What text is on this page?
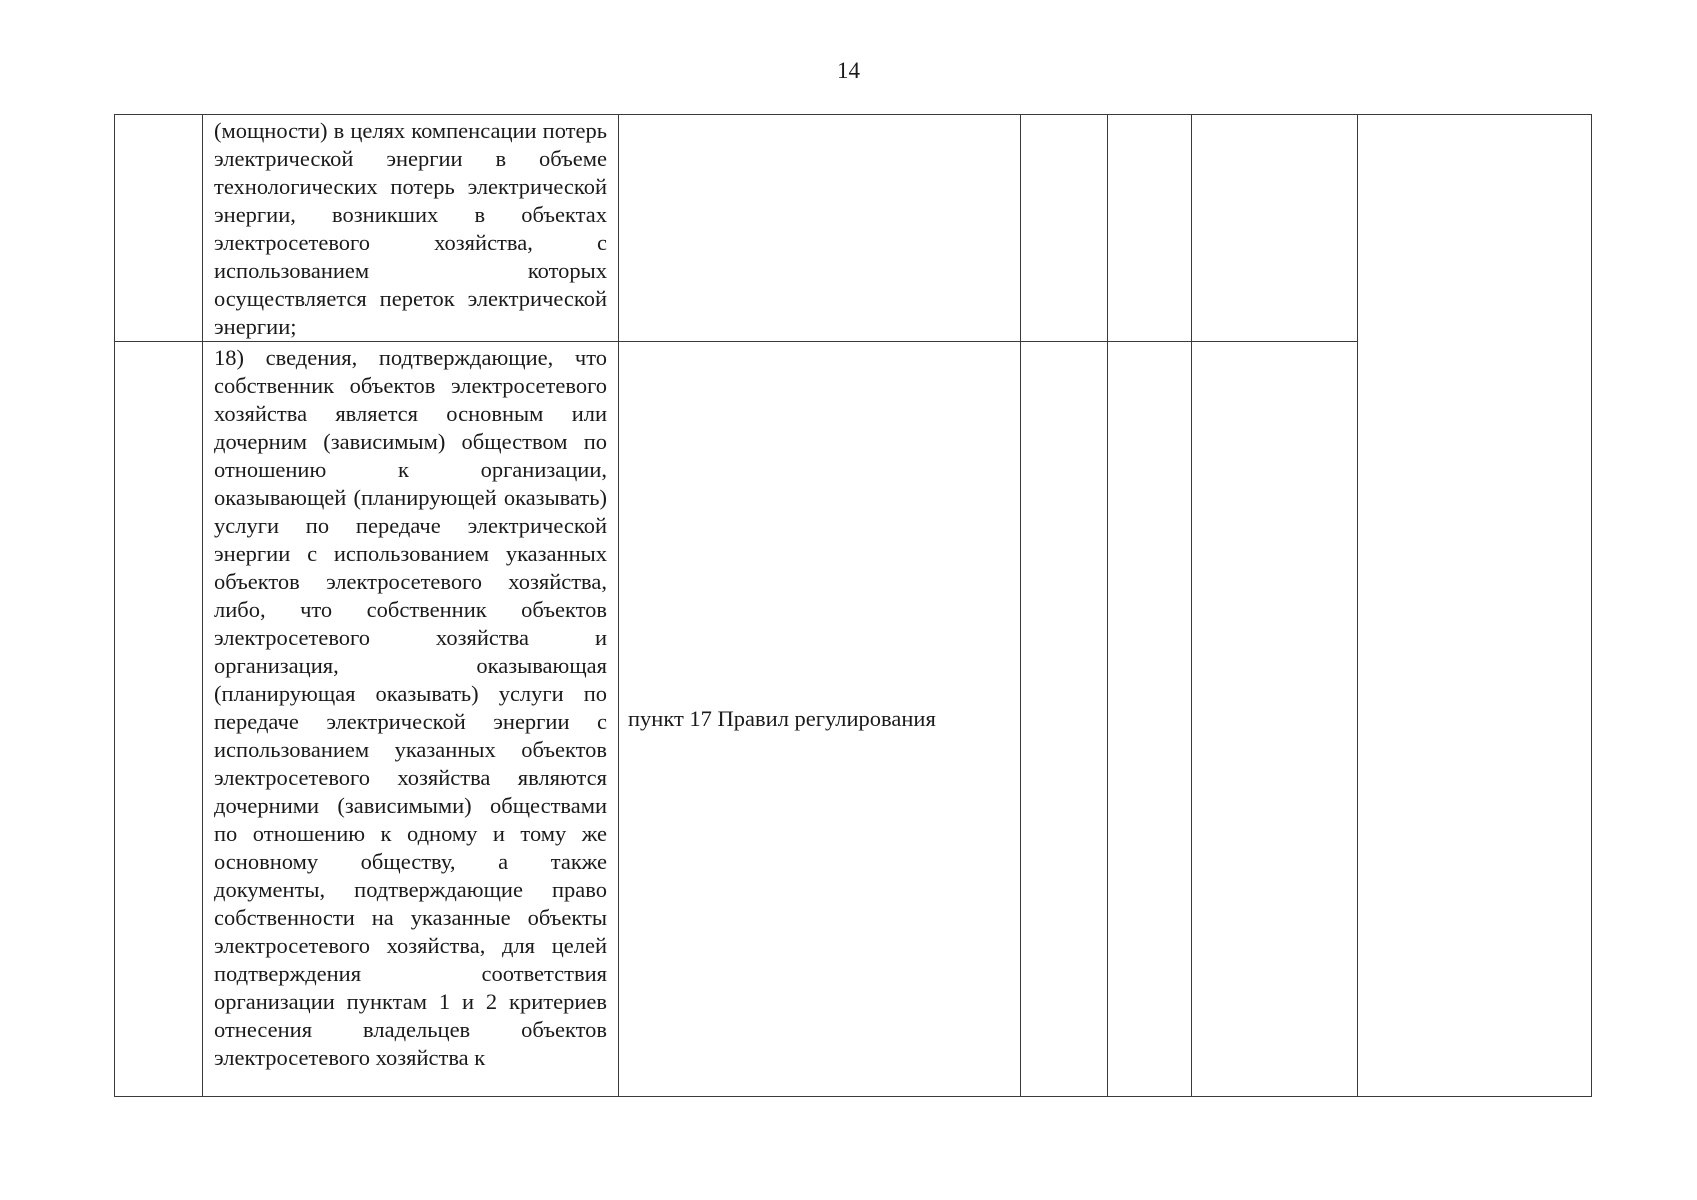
14

	(мощности) в целях компенсации потерь электрической энергии в объеме технологических потерь электрической энергии, возникших в объектах электросетевого хозяйства, с использованием которых осуществляется переток электрической энергии;					

	18) сведения, подтверждающие, что собственник объектов электросетевого хозяйства является основным или дочерним (зависимым) обществом по отношению к организации, оказывающей (планирующей оказывать) услуги по передаче электрической энергии с использованием указанных объектов электросетевого хозяйства, либо, что собственник объектов электросетевого хозяйства и организация, оказывающая (планирующая оказывать) услуги по передаче электрической энергии с использованием указанных объектов электросетевого хозяйства являются дочерними (зависимыми) обществами по отношению к одному и тому же основному обществу, а также документы, подтверждающие право собственности на указанные объекты электросетевого хозяйства, для целей подтверждения соответствия организации пунктам 1 и 2 критериев отнесения владельцев объектов электросетевого хозяйства к	пункт 17 Правил регулирования				
